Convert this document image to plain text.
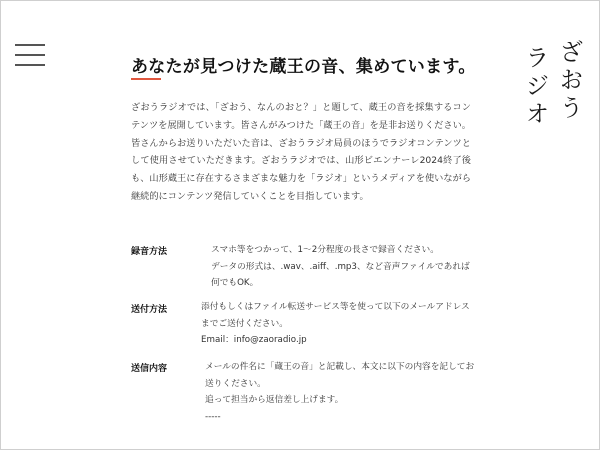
ざおう
ラジオ
あなたが見つけた蔵王の音、集めています。

ざおうラジオでは、「ざおう、なんのおと？」と題して、蔵王の音を採集するコンテンツを展開しています。皆さんがみつけた「蔵王の音」を是非お送りください。皆さんからお送りいただいた音は、ざおうラジオ局員のほうでラジオコンテンツとして使用させていただきます。ざおうラジオでは、山形ビエンナーレ2024終了後も、山形蔵王に存在するさまざまな魅力を「ラジオ」というメディアを使いながら継続的にコンテンツ発信していくことを目指しています。

録音方法	スマホ等をつかって、1〜2分程度の長さで録音ください。

データの形式は、.wav、.aiff、.mp3、など音声ファイルであれば何でもOK。

送付方法	添付もしくはファイル転送サービス等を使って以下のメールアドレスまでご送付ください。

Email：info@zaoradio.jp

送信内容	メールの件名に「蔵王の音」と記載し、本文に以下の内容を記してお送りください。

追って担当から返信差し上げます。

-----
